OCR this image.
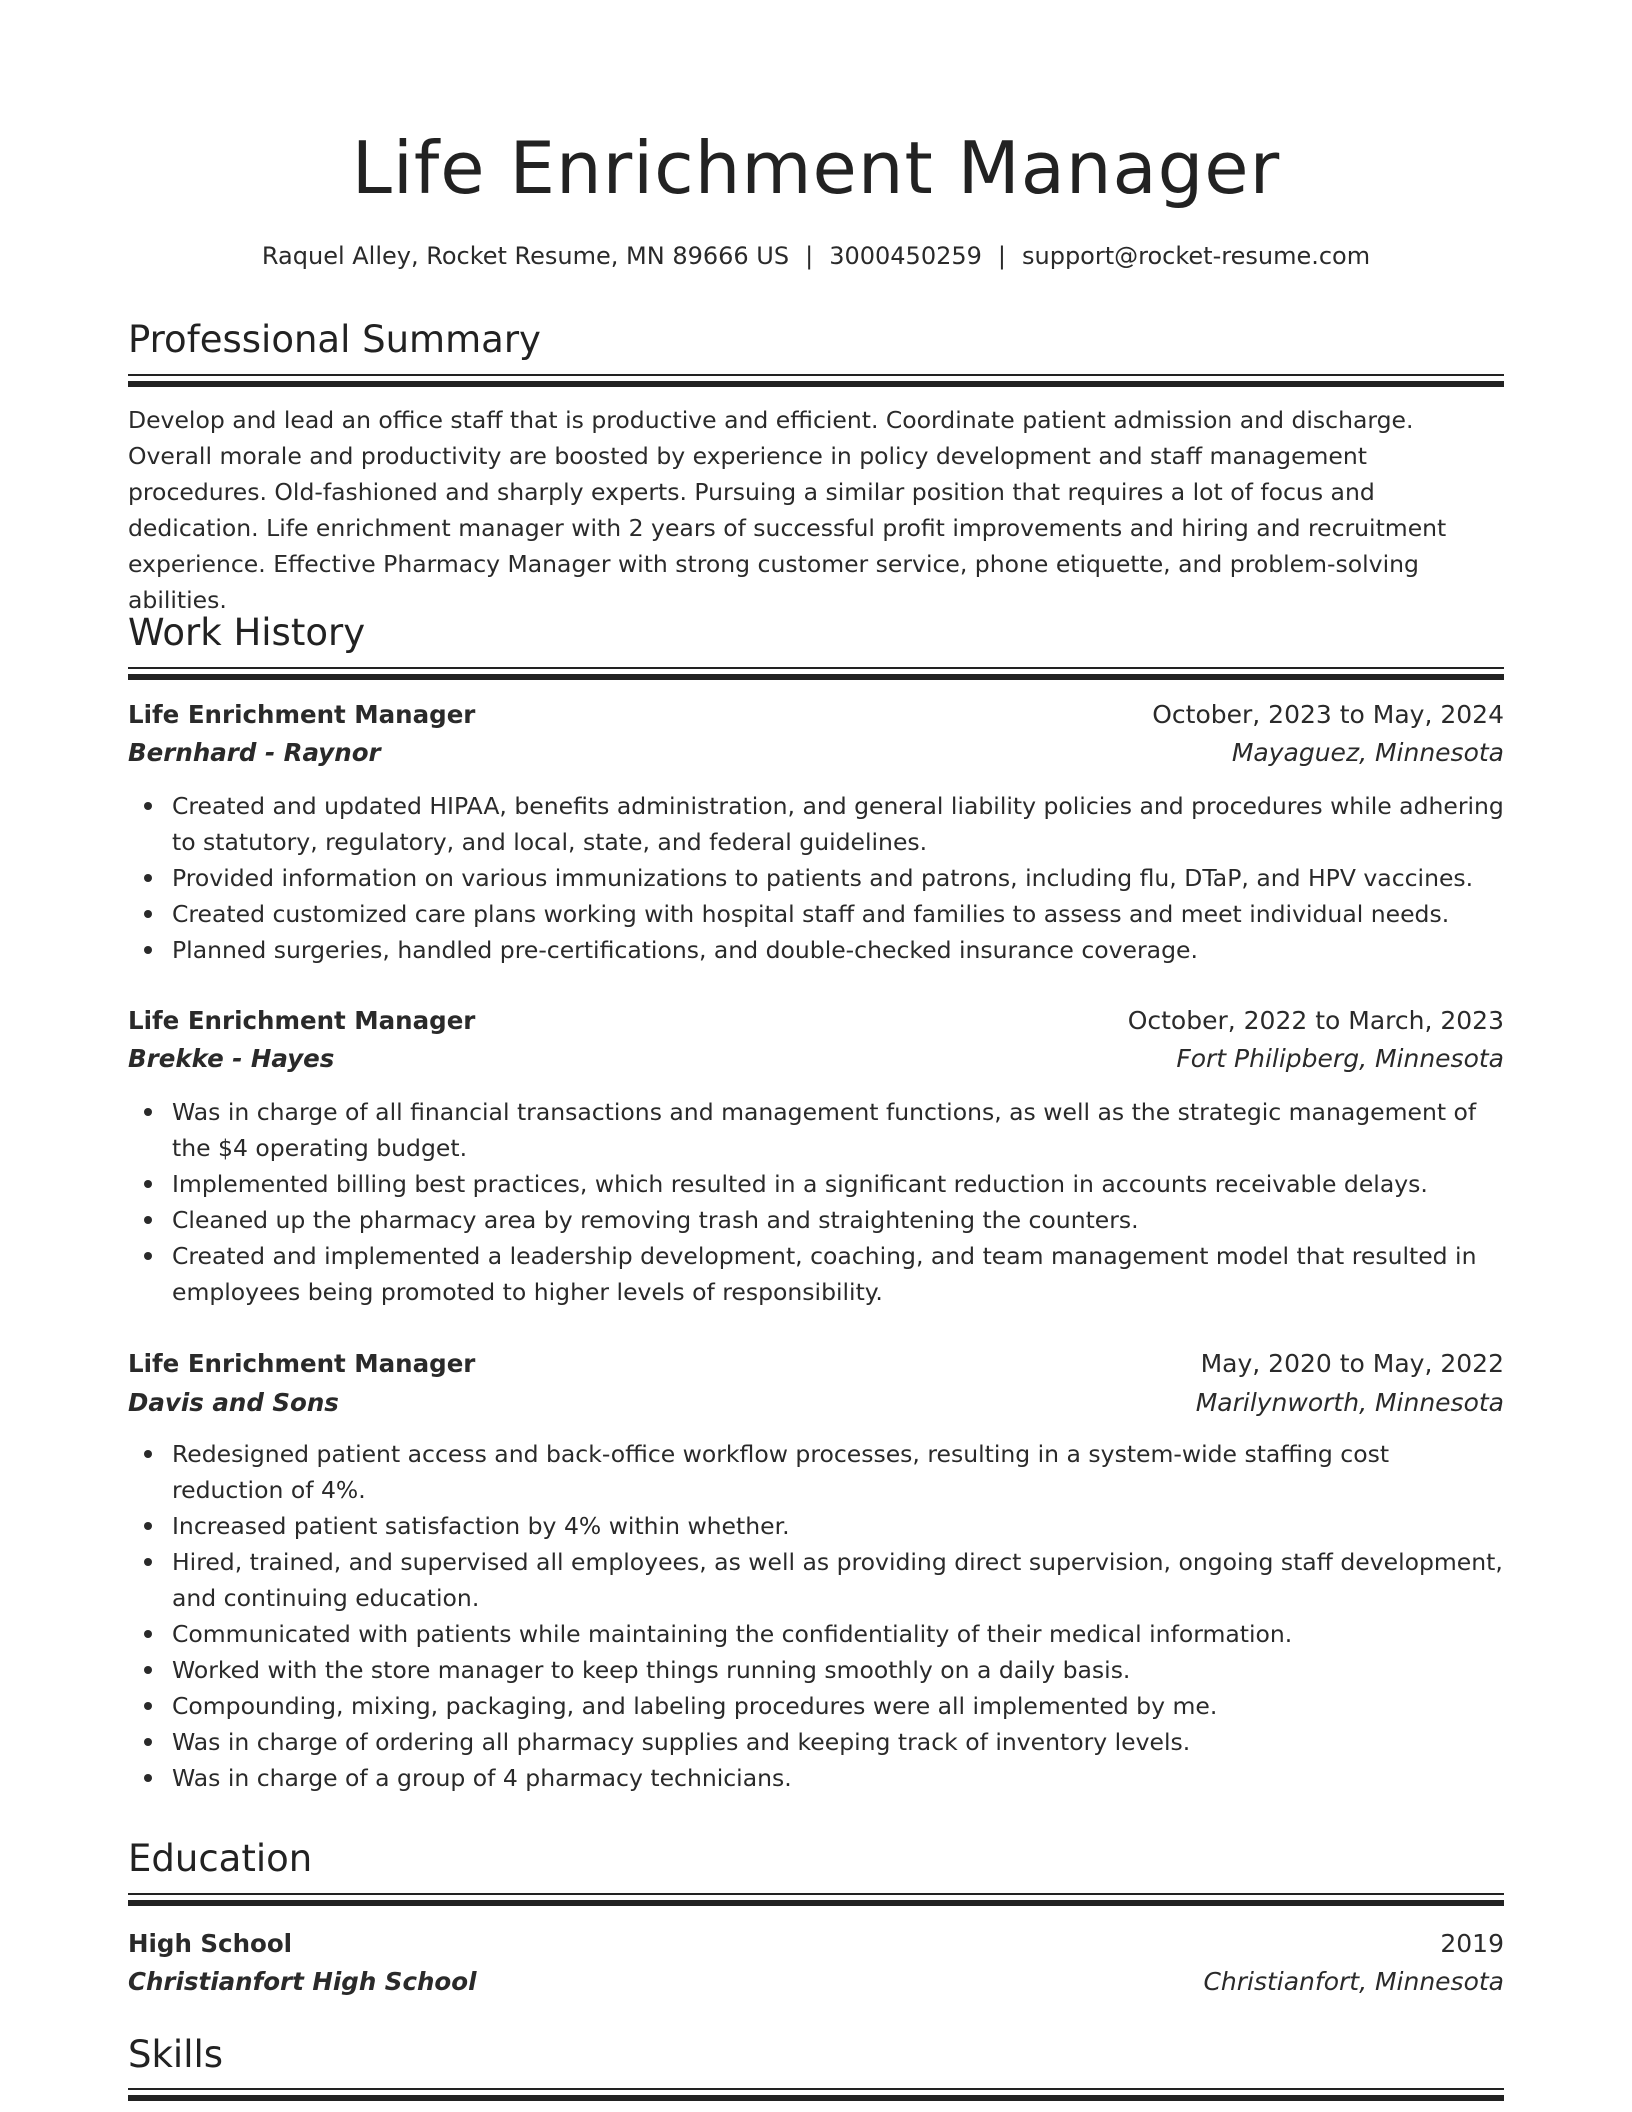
Life Enrichment Manager
Raquel Alley, Rocket Resume, MN 89666 US | 3000450259 | support@rocket-resume.com
Professional Summary

Develop and lead an office staff that is productive and efficient. Coordinate patient admission and discharge. Overall morale and productivity are boosted by experience in policy development and staff management procedures. Old-fashioned and sharply experts. Pursuing a similar position that requires a lot of focus and dedication. Life enrichment manager with 2 years of successful profit improvements and hiring and recruitment experience. Effective Pharmacy Manager with strong customer service, phone etiquette, and problem-solving abilities.

Work History
Life Enrichment Manager	October, 2023 to May, 2024
Bernhard - Raynor	Mayaguez, Minnesota
Created and updated HIPAA, benefits administration, and general liability policies and procedures while adhering to statutory, regulatory, and local, state, and federal guidelines.
Provided information on various immunizations to patients and patrons, including flu, DTaP, and HPV vaccines.
Created customized care plans working with hospital staff and families to assess and meet individual needs.
Planned surgeries, handled pre-certifications, and double-checked insurance coverage.
Life Enrichment Manager	October, 2022 to March, 2023
Brekke - Hayes	Fort Philipberg, Minnesota
Was in charge of all financial transactions and management functions, as well as the strategic management of the $4 operating budget.
Implemented billing best practices, which resulted in a significant reduction in accounts receivable delays.
Cleaned up the pharmacy area by removing trash and straightening the counters.
Created and implemented a leadership development, coaching, and team management model that resulted in employees being promoted to higher levels of responsibility.
Life Enrichment Manager	May, 2020 to May, 2022
Davis and Sons	Marilynworth, Minnesota
Redesigned patient access and back-office workflow processes, resulting in a system-wide staffing cost reduction of 4%.
Increased patient satisfaction by 4% within whether.
Hired, trained, and supervised all employees, as well as providing direct supervision, ongoing staff development, and continuing education.
Communicated with patients while maintaining the confidentiality of their medical information.
Worked with the store manager to keep things running smoothly on a daily basis.
Compounding, mixing, packaging, and labeling procedures were all implemented by me.
Was in charge of ordering all pharmacy supplies and keeping track of inventory levels.
Was in charge of a group of 4 pharmacy technicians.
Education
High School	2019
Christianfort High School	Christianfort, Minnesota
Skills
